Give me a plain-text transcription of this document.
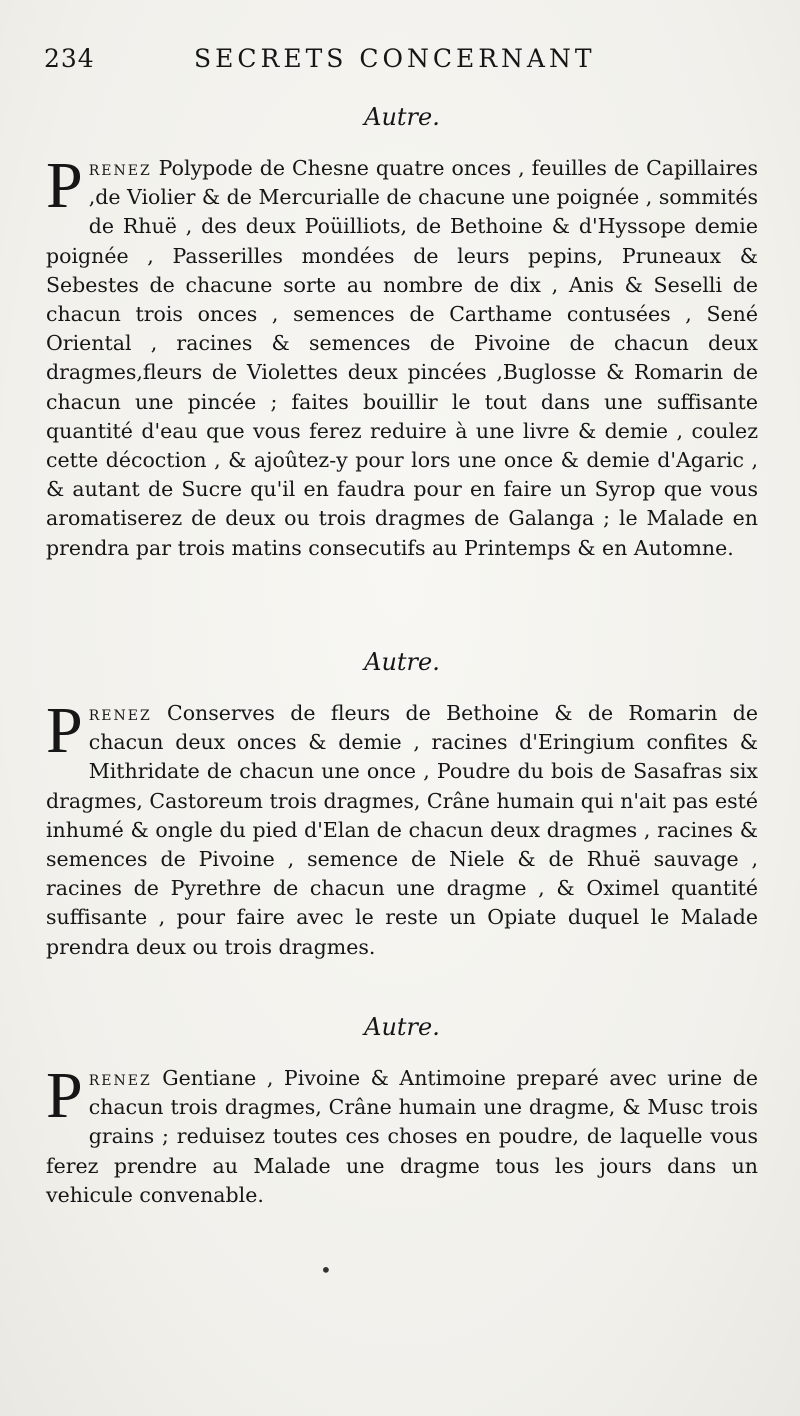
234	SECRETS CONCERNANT
Autre.

Prenez Polypode de Chesne quatre onces , feuilles de Capillaires ,de Violier & de Mercurialle de chacune une poignée , sommités de Rhuë , des deux Poüilliots, de Bethoine & d'Hyssope demie poignée , Passerilles mondées de leurs pepins, Pruneaux & Sebestes de chacune sorte au nombre de dix , Anis & Seselli de chacun trois onces , semences de Carthame contusées , Sené Oriental , racines & semences de Pivoine de chacun deux dragmes,fleurs de Violettes deux pincées ,Buglosse & Romarin de chacun une pincée ; faites bouillir le tout dans une suffisante quantité d'eau que vous ferez reduire à une livre & demie , coulez cette décoction , & ajoûtez-y pour lors une once & demie d'Agaric , & autant de Sucre qu'il en faudra pour en faire un Syrop que vous aromatiserez de deux ou trois dragmes de Galanga ; le Malade en prendra par trois matins consecutifs au Printemps & en Automne.

Autre.

Prenez Conserves de fleurs de Bethoine & de Romarin de chacun deux onces & demie , racines d'Eringium confites & Mithridate de chacun une once , Poudre du bois de Sasafras six dragmes, Castoreum trois dragmes, Crâne humain qui n'ait pas esté inhumé & ongle du pied d'Elan de chacun deux dragmes , racines & semences de Pivoine , semence de Niele & de Rhuë sauvage , racines de Pyrethre de chacun une dragme , & Oximel quantité suffisante , pour faire avec le reste un Opiate duquel le Malade prendra deux ou trois dragmes.

Autre.

Prenez Gentiane , Pivoine & Antimoine preparé avec urine de chacun trois dragmes, Crâne humain une dragme, & Musc trois grains ; reduisez toutes ces choses en poudre, de laquelle vous ferez prendre au Malade une dragme tous les jours dans un vehicule convenable.

•
